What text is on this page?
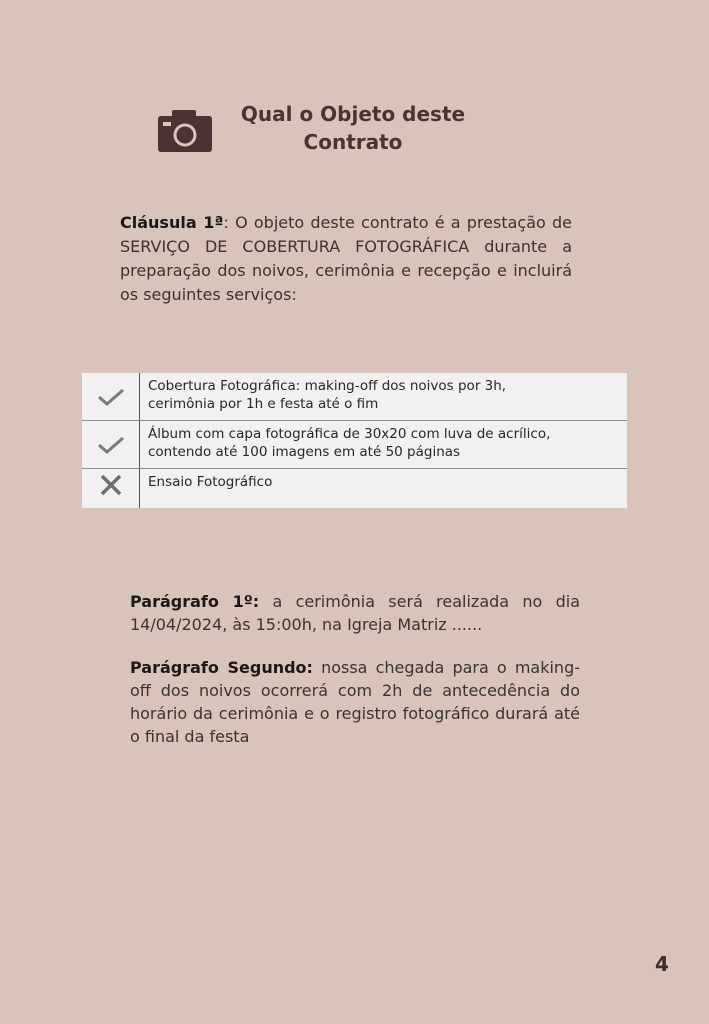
Qual o Objeto deste
Contrato
Cláusula 1ª: O objeto deste contrato é a prestação de SERVIÇO DE COBERTURA FOTOGRÁFICA durante a preparação dos noivos, cerimônia e recepção e incluirá os seguintes serviços:
Cobertura Fotográfica: making-off dos noivos por 3h,
cerimônia por 1h e festa até o fim
Álbum com capa fotográfica de 30x20 com luva de acrílico,
contendo até 100 imagens em até 50 páginas
Ensaio Fotográfico
Parágrafo 1º: a cerimônia será realizada no dia 14/04/2024, às 15:00h, na Igreja Matriz ......
Parágrafo Segundo: nossa chegada para o making-off dos noivos ocorrerá com 2h de antecedência do horário da cerimônia e o registro fotográfico durará até o final da festa
4
